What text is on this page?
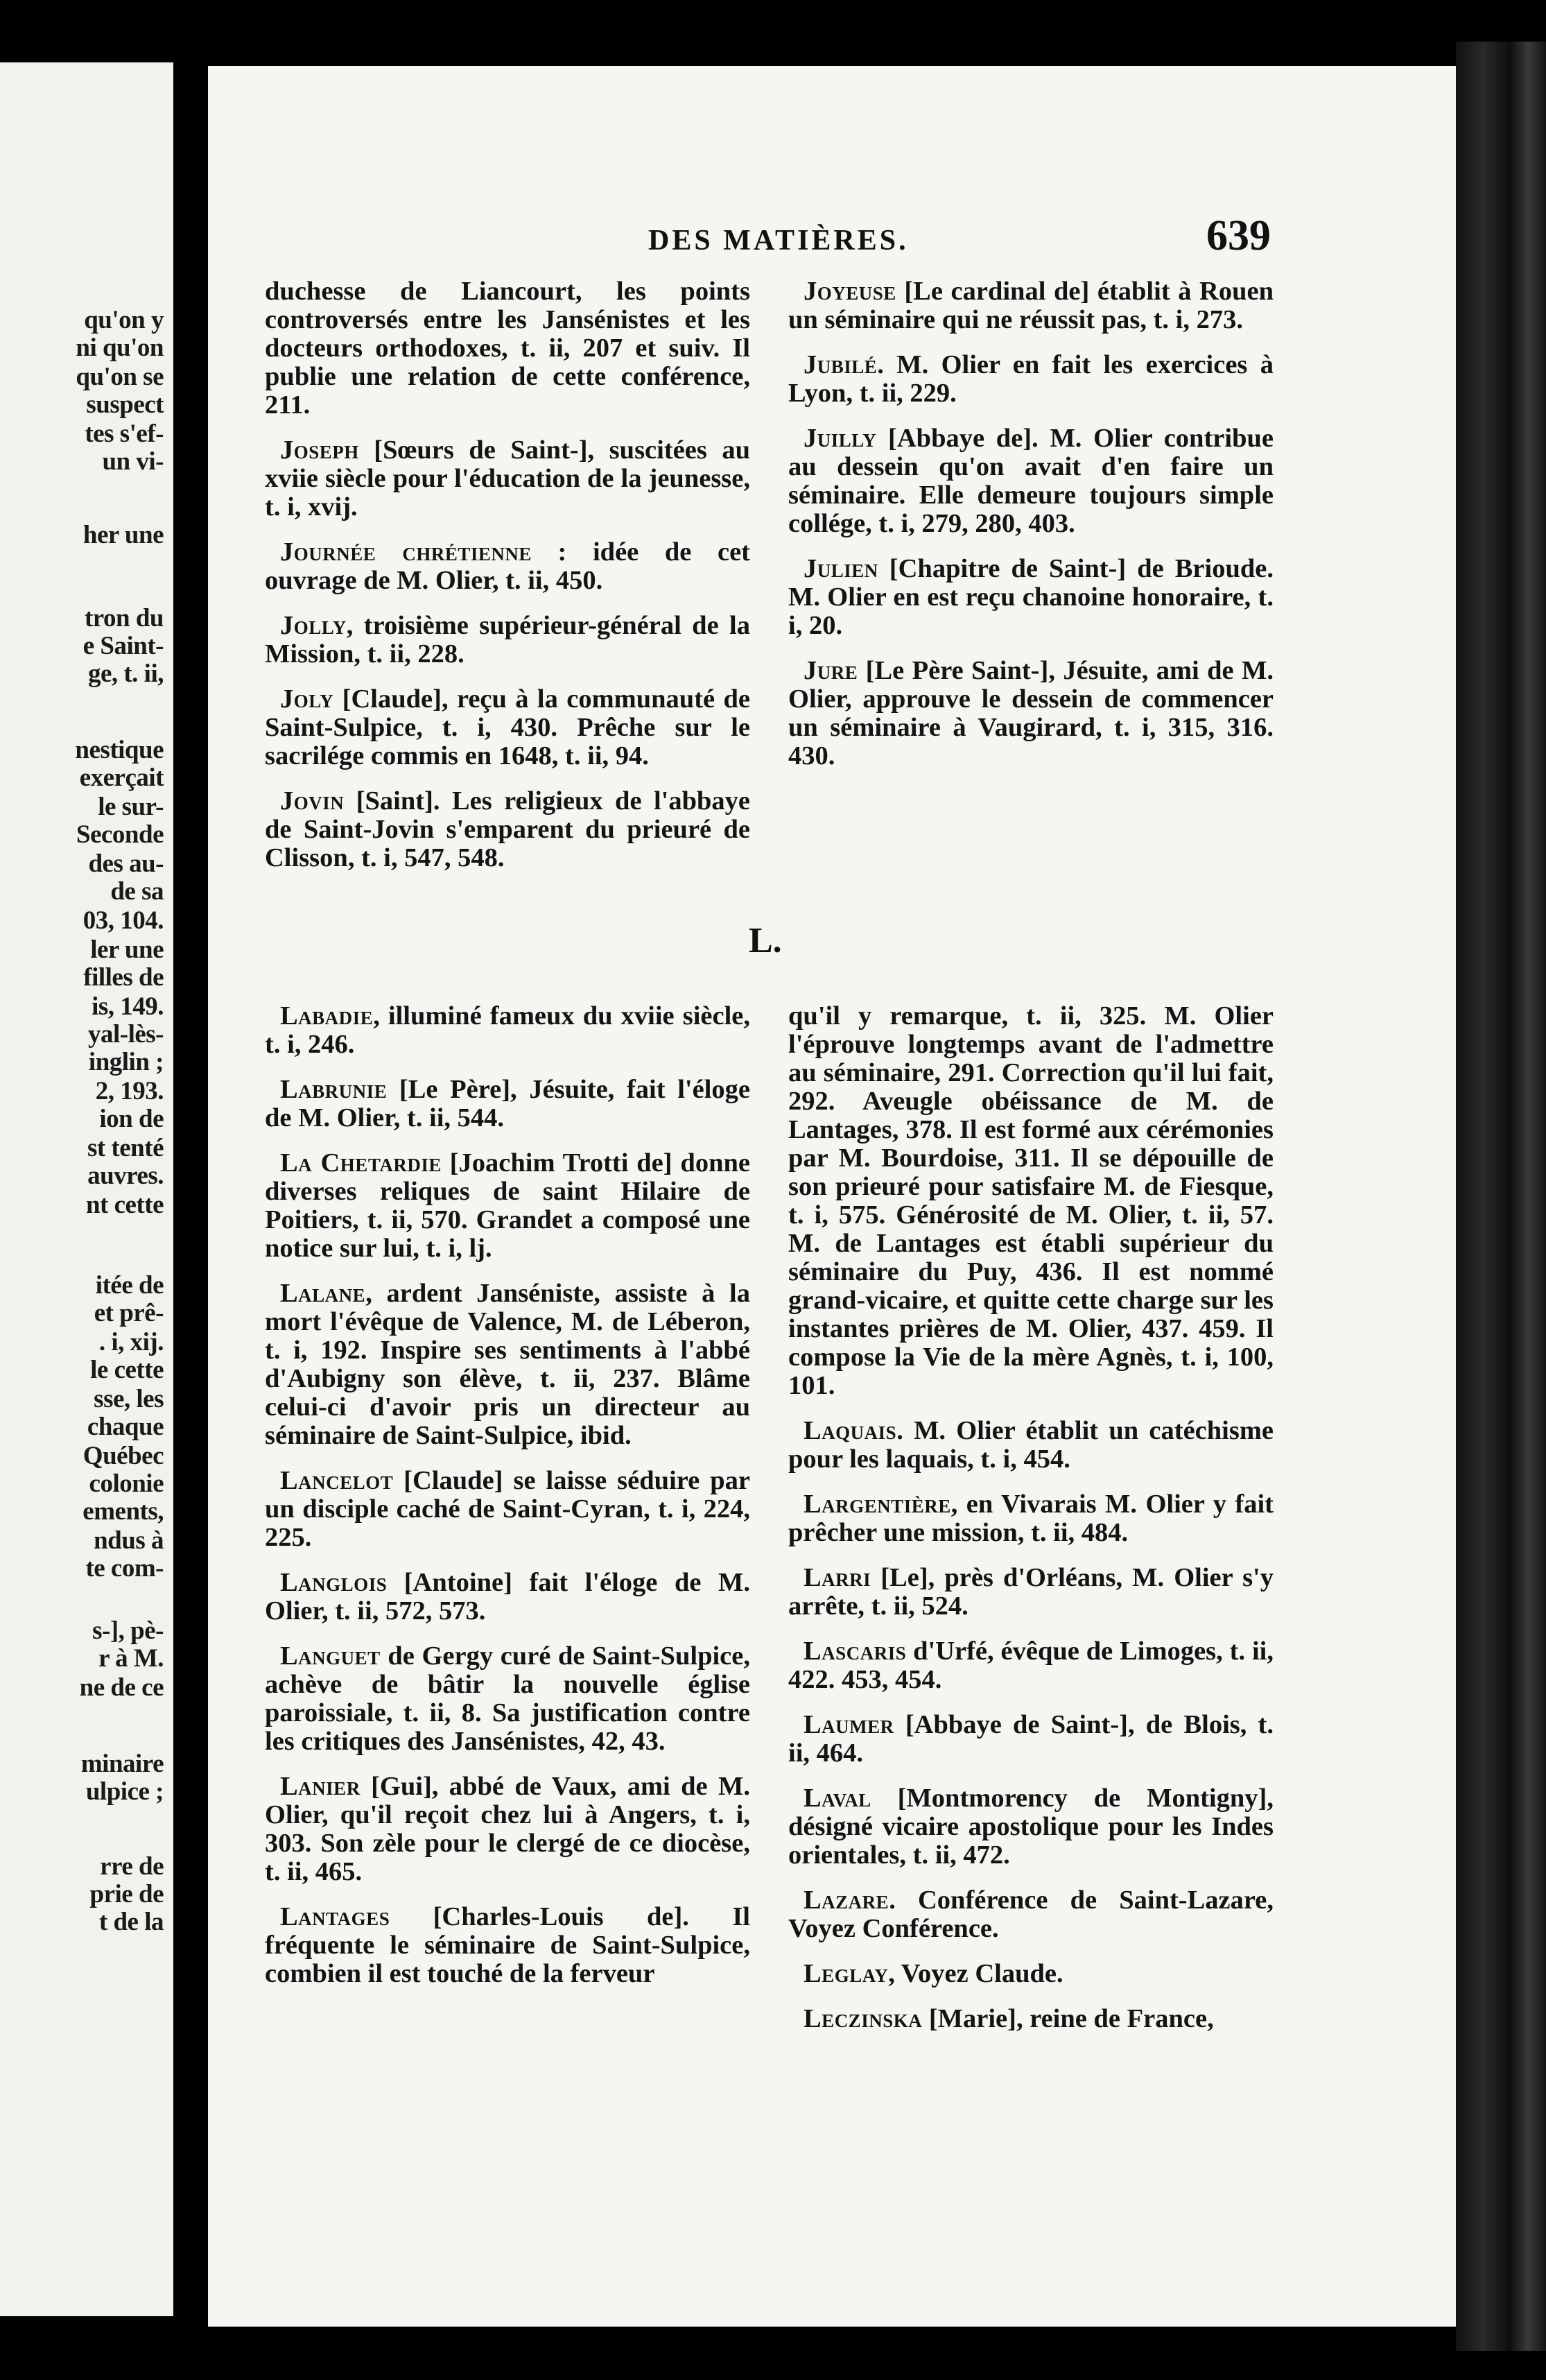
qu'on y
ni qu'on
qu'on se
suspect
tes s'ef-
un vi-
her une
tron du
e Saint-
ge, t. ii,
nestique
exerçait
le sur-
Seconde
des au-
de sa
03, 104.
ler une
filles de
is, 149.
yal-lès-
inglin ;
2, 193.
ion de
st tenté
auvres.
nt cette
itée de
et prê-
. i, xij.
le cette
sse, les
chaque
Québec
colonie
ements,
ndus à
te com-
s-], pè-
r à M.
ne de ce
minaire
ulpice ;
rre de
prie de
t de la
DES MATIÈRES.	639

duchesse de Liancourt, les points controversés entre les Jansénistes et les docteurs orthodoxes, t. ii, 207 et suiv. Il publie une relation de cette conférence, 211.

Joseph [Sœurs de Saint-], suscitées au xviie siècle pour l'éducation de la jeunesse, t. i, xvij.

Journée chrétienne : idée de cet ouvrage de M. Olier, t. ii, 450.

Jolly, troisième supérieur-général de la Mission, t. ii, 228.

Joly [Claude], reçu à la communauté de Saint-Sulpice, t. i, 430. Prêche sur le sacrilége commis en 1648, t. ii, 94.

Jovin [Saint]. Les religieux de l'abbaye de Saint-Jovin s'emparent du prieuré de Clisson, t. i, 547, 548.

Joyeuse [Le cardinal de] établit à Rouen un séminaire qui ne réussit pas, t. i, 273.

Jubilé. M. Olier en fait les exercices à Lyon, t. ii, 229.

Juilly [Abbaye de]. M. Olier contribue au dessein qu'on avait d'en faire un séminaire. Elle demeure toujours simple collége, t. i, 279, 280, 403.

Julien [Chapitre de Saint-] de Brioude. M. Olier en est reçu chanoine honoraire, t. i, 20.

Jure [Le Père Saint-], Jésuite, ami de M. Olier, approuve le dessein de commencer un séminaire à Vaugirard, t. i, 315, 316. 430.

L.

Labadie, illuminé fameux du xviie siècle, t. i, 246.

Labrunie [Le Père], Jésuite, fait l'éloge de M. Olier, t. ii, 544.

La Chetardie [Joachim Trotti de] donne diverses reliques de saint Hilaire de Poitiers, t. ii, 570. Grandet a composé une notice sur lui, t. i, lj.

Lalane, ardent Janséniste, assiste à la mort l'évêque de Valence, M. de Léberon, t. i, 192. Inspire ses sentiments à l'abbé d'Aubigny son élève, t. ii, 237. Blâme celui-ci d'avoir pris un directeur au séminaire de Saint-Sulpice, ibid.

Lancelot [Claude] se laisse séduire par un disciple caché de Saint-Cyran, t. i, 224, 225.

Langlois [Antoine] fait l'éloge de M. Olier, t. ii, 572, 573.

Languet de Gergy curé de Saint-Sulpice, achève de bâtir la nouvelle église paroissiale, t. ii, 8. Sa justification contre les critiques des Jansénistes, 42, 43.

Lanier [Gui], abbé de Vaux, ami de M. Olier, qu'il reçoit chez lui à Angers, t. i, 303. Son zèle pour le clergé de ce diocèse, t. ii, 465.

Lantages [Charles-Louis de]. Il fréquente le séminaire de Saint-Sulpice, combien il est touché de la ferveur

qu'il y remarque, t. ii, 325. M. Olier l'éprouve longtemps avant de l'admettre au séminaire, 291. Correction qu'il lui fait, 292. Aveugle obéissance de M. de Lantages, 378. Il est formé aux cérémonies par M. Bourdoise, 311. Il se dépouille de son prieuré pour satisfaire M. de Fiesque, t. i, 575. Générosité de M. Olier, t. ii, 57. M. de Lantages est établi supérieur du séminaire du Puy, 436. Il est nommé grand-vicaire, et quitte cette charge sur les instantes prières de M. Olier, 437. 459. Il compose la Vie de la mère Agnès, t. i, 100, 101.

Laquais. M. Olier établit un catéchisme pour les laquais, t. i, 454.

Largentière, en Vivarais M. Olier y fait prêcher une mission, t. ii, 484.

Larri [Le], près d'Orléans, M. Olier s'y arrête, t. ii, 524.

Lascaris d'Urfé, évêque de Limoges, t. ii, 422. 453, 454.

Laumer [Abbaye de Saint-], de Blois, t. ii, 464.

Laval [Montmorency de Montigny], désigné vicaire apostolique pour les Indes orientales, t. ii, 472.

Lazare. Conférence de Saint-Lazare, Voyez Conférence.

Leglay, Voyez Claude.

Leczinska [Marie], reine de France,
